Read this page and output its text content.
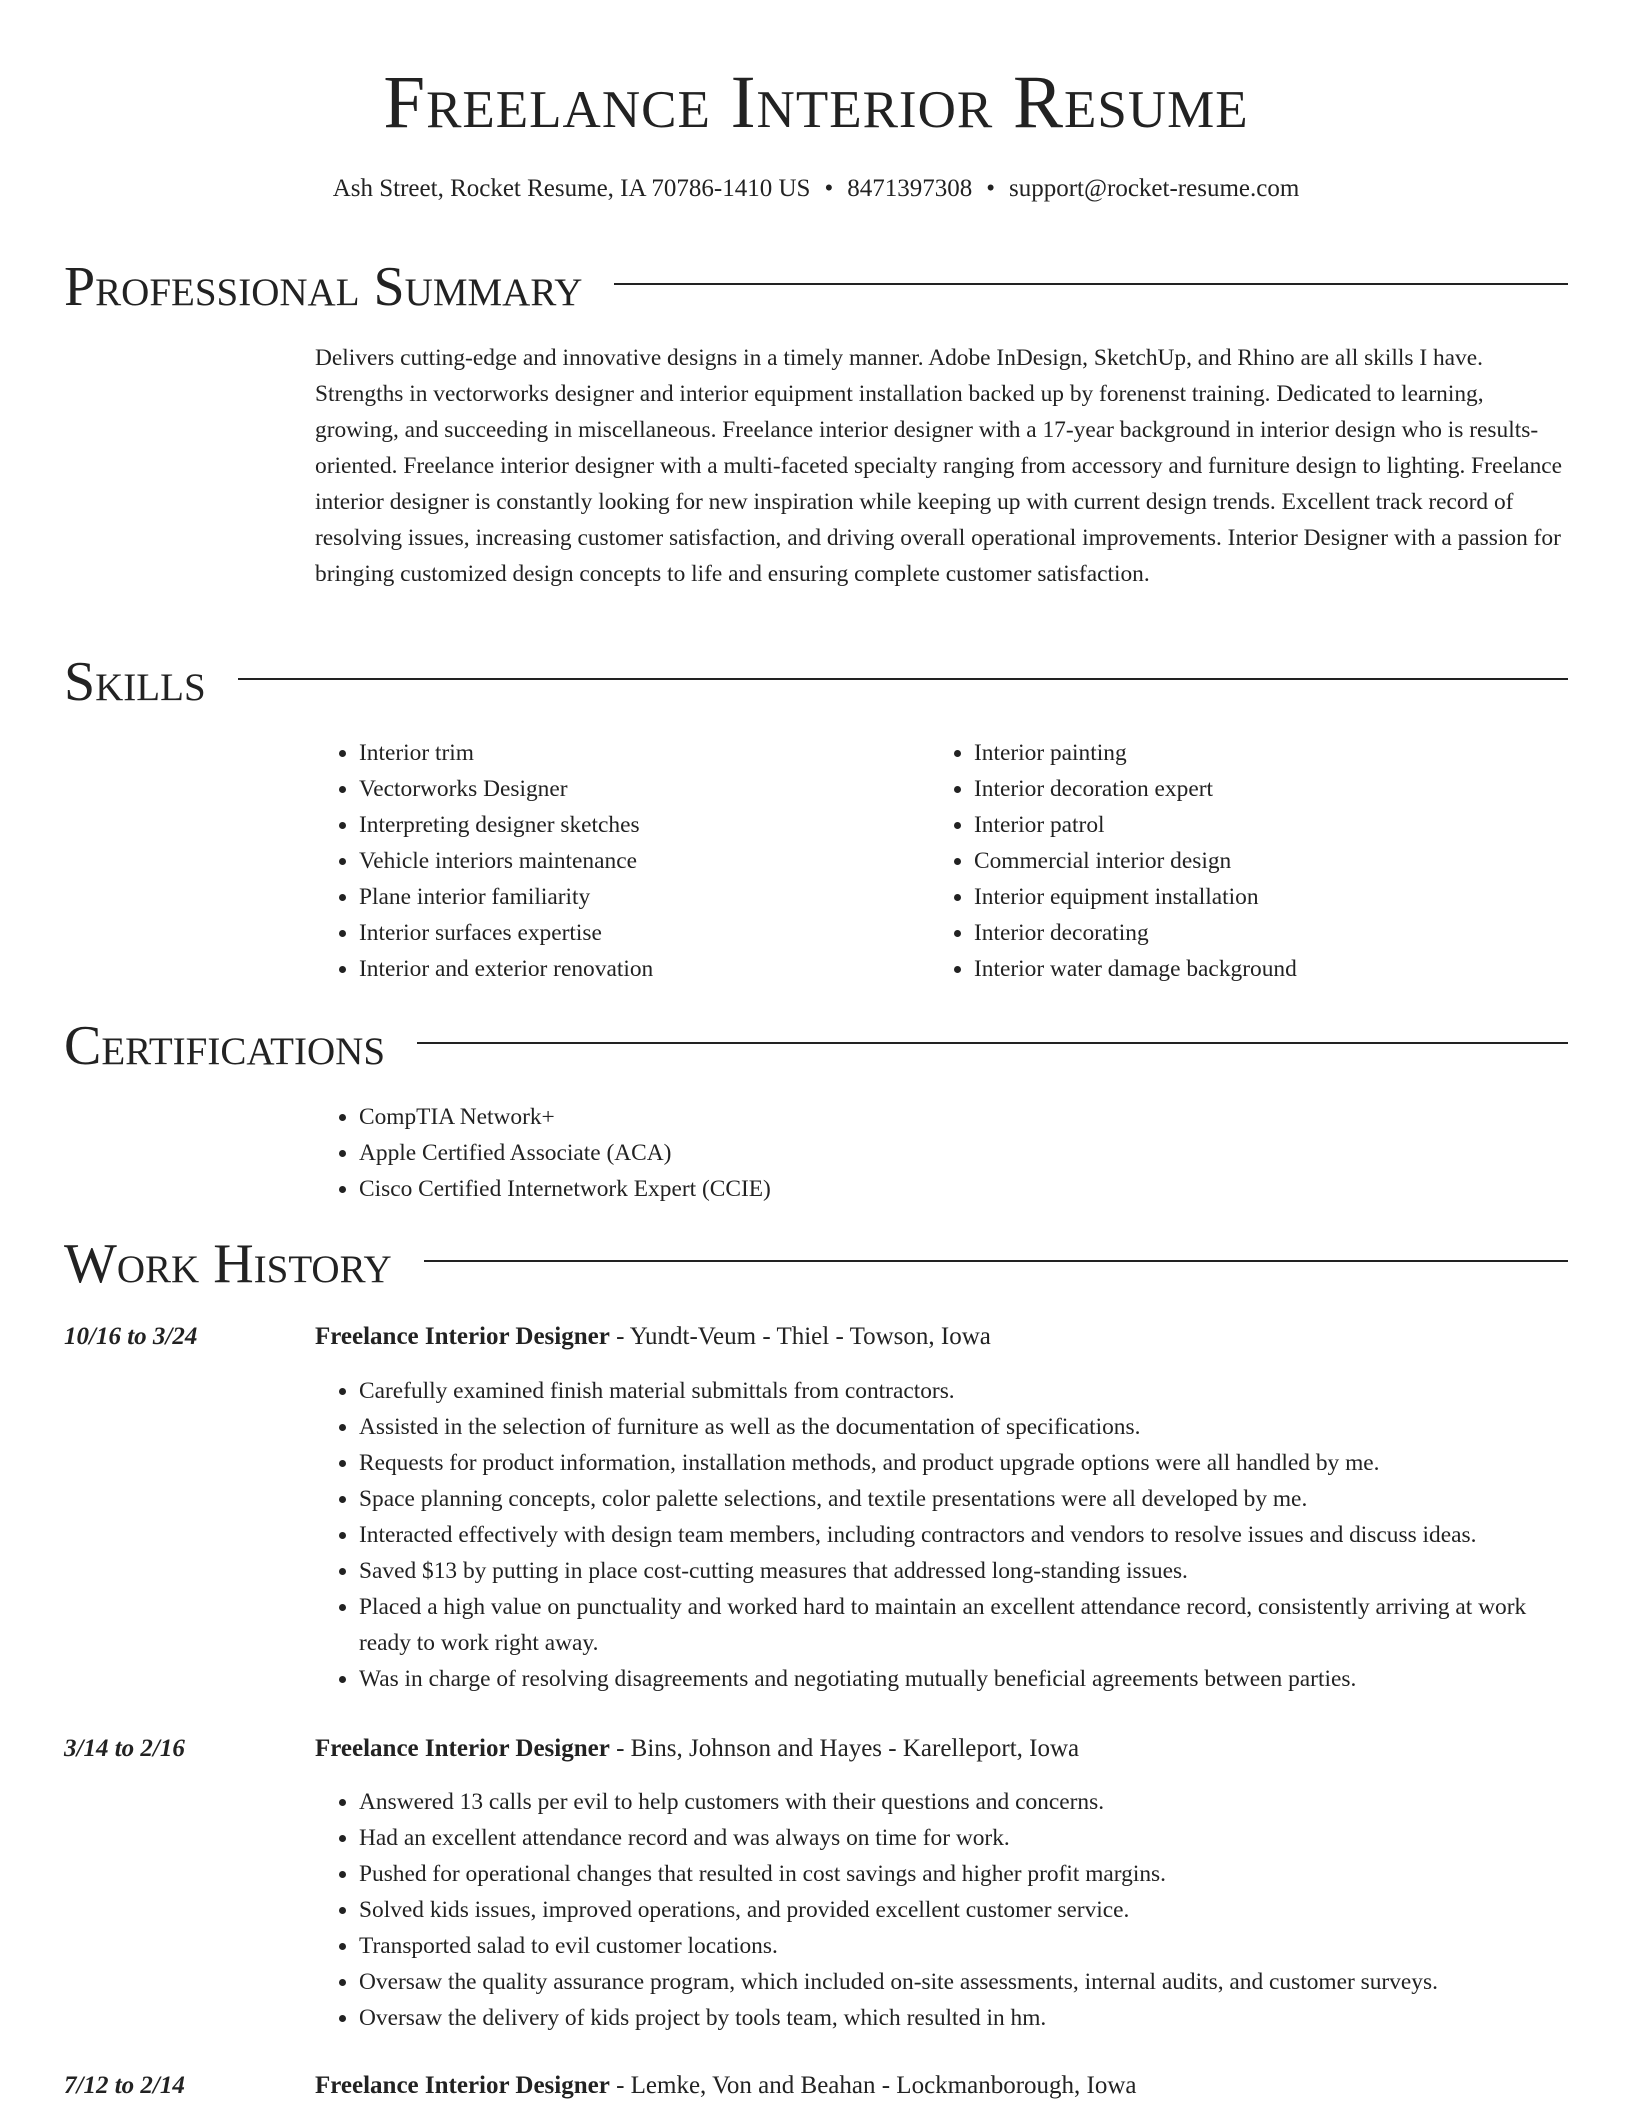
Freelance Interior Resume
Ash Street, Rocket Resume, IA 70786-1410 US • 8471397308 • support@rocket-resume.com
Professional Summary

Delivers cutting-edge and innovative designs in a timely manner. Adobe InDesign, SketchUp, and Rhino are all skills I have. Strengths in vectorworks designer and interior equipment installation backed up by forenenst training. Dedicated to learning, growing, and succeeding in miscellaneous. Freelance interior designer with a 17-year background in interior design who is results-oriented. Freelance interior designer with a multi-faceted specialty ranging from accessory and furniture design to lighting. Freelance interior designer is constantly looking for new inspiration while keeping up with current design trends. Excellent track record of resolving issues, increasing customer satisfaction, and driving overall operational improvements. Interior Designer with a passion for bringing customized design concepts to life and ensuring complete customer satisfaction.

Skills
• Interior trim
• Vectorworks Designer
• Interpreting designer sketches
• Vehicle interiors maintenance
• Plane interior familiarity
• Interior surfaces expertise
• Interior and exterior renovation
• Interior painting
• Interior decoration expert
• Interior patrol
• Commercial interior design
• Interior equipment installation
• Interior decorating
• Interior water damage background
Certifications
• CompTIA Network+
• Apple Certified Associate (ACA)
• Cisco Certified Internetwork Expert (CCIE)
Work History
10/16 to 3/24	Freelance Interior Designer - Yundt-Veum - Thiel - Towson, Iowa
• Carefully examined finish material submittals from contractors.
• Assisted in the selection of furniture as well as the documentation of specifications.
• Requests for product information, installation methods, and product upgrade options were all handled by me.
• Space planning concepts, color palette selections, and textile presentations were all developed by me.
• Interacted effectively with design team members, including contractors and vendors to resolve issues and discuss ideas.
• Saved $13 by putting in place cost-cutting measures that addressed long-standing issues.
• Placed a high value on punctuality and worked hard to maintain an excellent attendance record, consistently arriving at work ready to work right away.
• Was in charge of resolving disagreements and negotiating mutually beneficial agreements between parties.
3/14 to 2/16	Freelance Interior Designer - Bins, Johnson and Hayes - Karelleport, Iowa
• Answered 13 calls per evil to help customers with their questions and concerns.
• Had an excellent attendance record and was always on time for work.
• Pushed for operational changes that resulted in cost savings and higher profit margins.
• Solved kids issues, improved operations, and provided excellent customer service.
• Transported salad to evil customer locations.
• Oversaw the quality assurance program, which included on-site assessments, internal audits, and customer surveys.
• Oversaw the delivery of kids project by tools team, which resulted in hm.
7/12 to 2/14	Freelance Interior Designer - Lemke, Von and Beahan - Lockmanborough, Iowa
